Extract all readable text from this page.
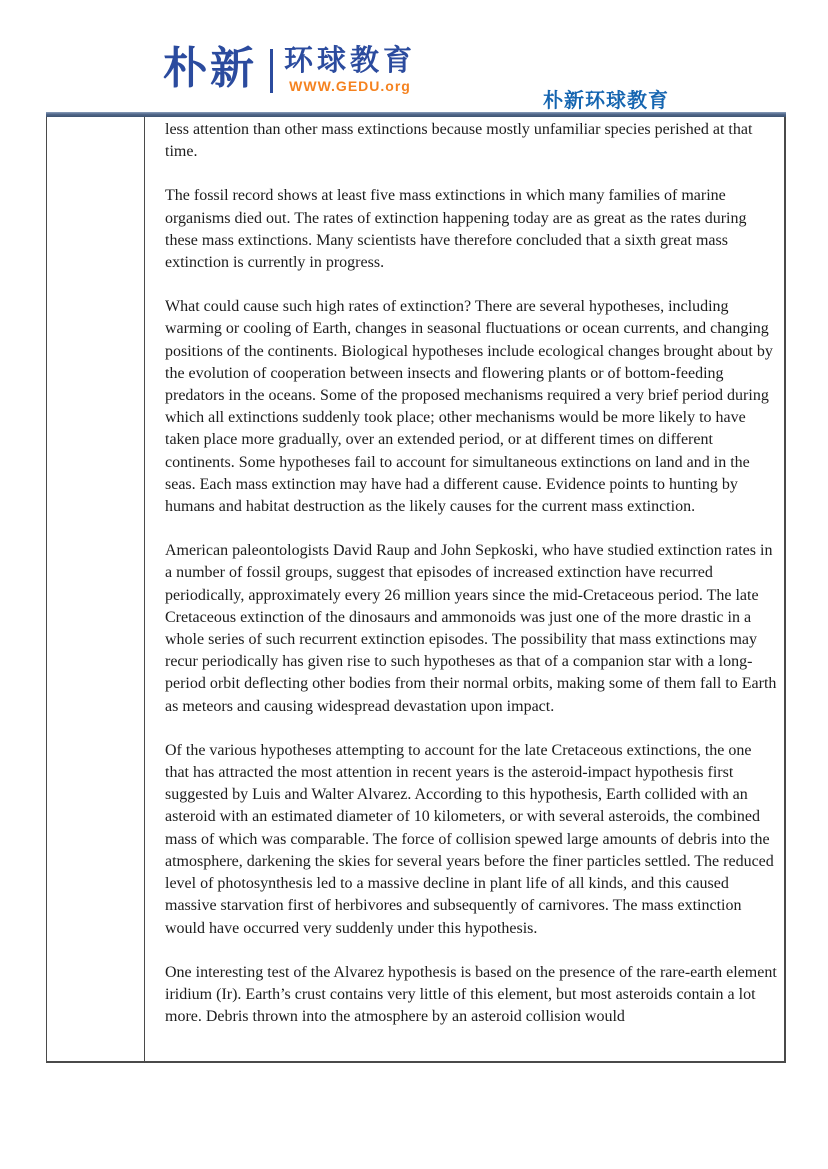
朴新 环球教育
WWW.GEDU.org
朴新环球教育

less attention than other mass extinctions because mostly unfamiliar species perished at that time.

The fossil record shows at least five mass extinctions in which many families of marine organisms died out. The rates of extinction happening today are as great as the rates during these mass extinctions. Many scientists have therefore concluded that a sixth great mass extinction is currently in progress.

What could cause such high rates of extinction? There are several hypotheses, including warming or cooling of Earth, changes in seasonal fluctuations or ocean currents, and changing positions of the continents. Biological hypotheses include ecological changes brought about by the evolution of cooperation between insects and flowering plants or of bottom-feeding predators in the oceans. Some of the proposed mechanisms required a very brief period during which all extinctions suddenly took place; other mechanisms would be more likely to have taken place more gradually, over an extended period, or at different times on different continents. Some hypotheses fail to account for simultaneous extinctions on land and in the seas. Each mass extinction may have had a different cause. Evidence points to hunting by humans and habitat destruction as the likely causes for the current mass extinction.

American paleontologists David Raup and John Sepkoski, who have studied extinction rates in a number of fossil groups, suggest that episodes of increased extinction have recurred periodically, approximately every 26 million years since the mid-Cretaceous period. The late Cretaceous extinction of the dinosaurs and ammonoids was just one of the more drastic in a whole series of such recurrent extinction episodes. The possibility that mass extinctions may recur periodically has given rise to such hypotheses as that of a companion star with a long-period orbit deflecting other bodies from their normal orbits, making some of them fall to Earth as meteors and causing widespread devastation upon impact.

Of the various hypotheses attempting to account for the late Cretaceous extinctions, the one that has attracted the most attention in recent years is the asteroid-impact hypothesis first suggested by Luis and Walter Alvarez. According to this hypothesis, Earth collided with an asteroid with an estimated diameter of 10 kilometers, or with several asteroids, the combined mass of which was comparable. The force of collision spewed large amounts of debris into the atmosphere, darkening the skies for several years before the finer particles settled. The reduced level of photosynthesis led to a massive decline in plant life of all kinds, and this caused massive starvation first of herbivores and subsequently of carnivores. The mass extinction would have occurred very suddenly under this hypothesis.

One interesting test of the Alvarez hypothesis is based on the presence of the rare-earth element iridium (Ir). Earth’s crust contains very little of this element, but most asteroids contain a lot more. Debris thrown into the atmosphere by an asteroid collision would
